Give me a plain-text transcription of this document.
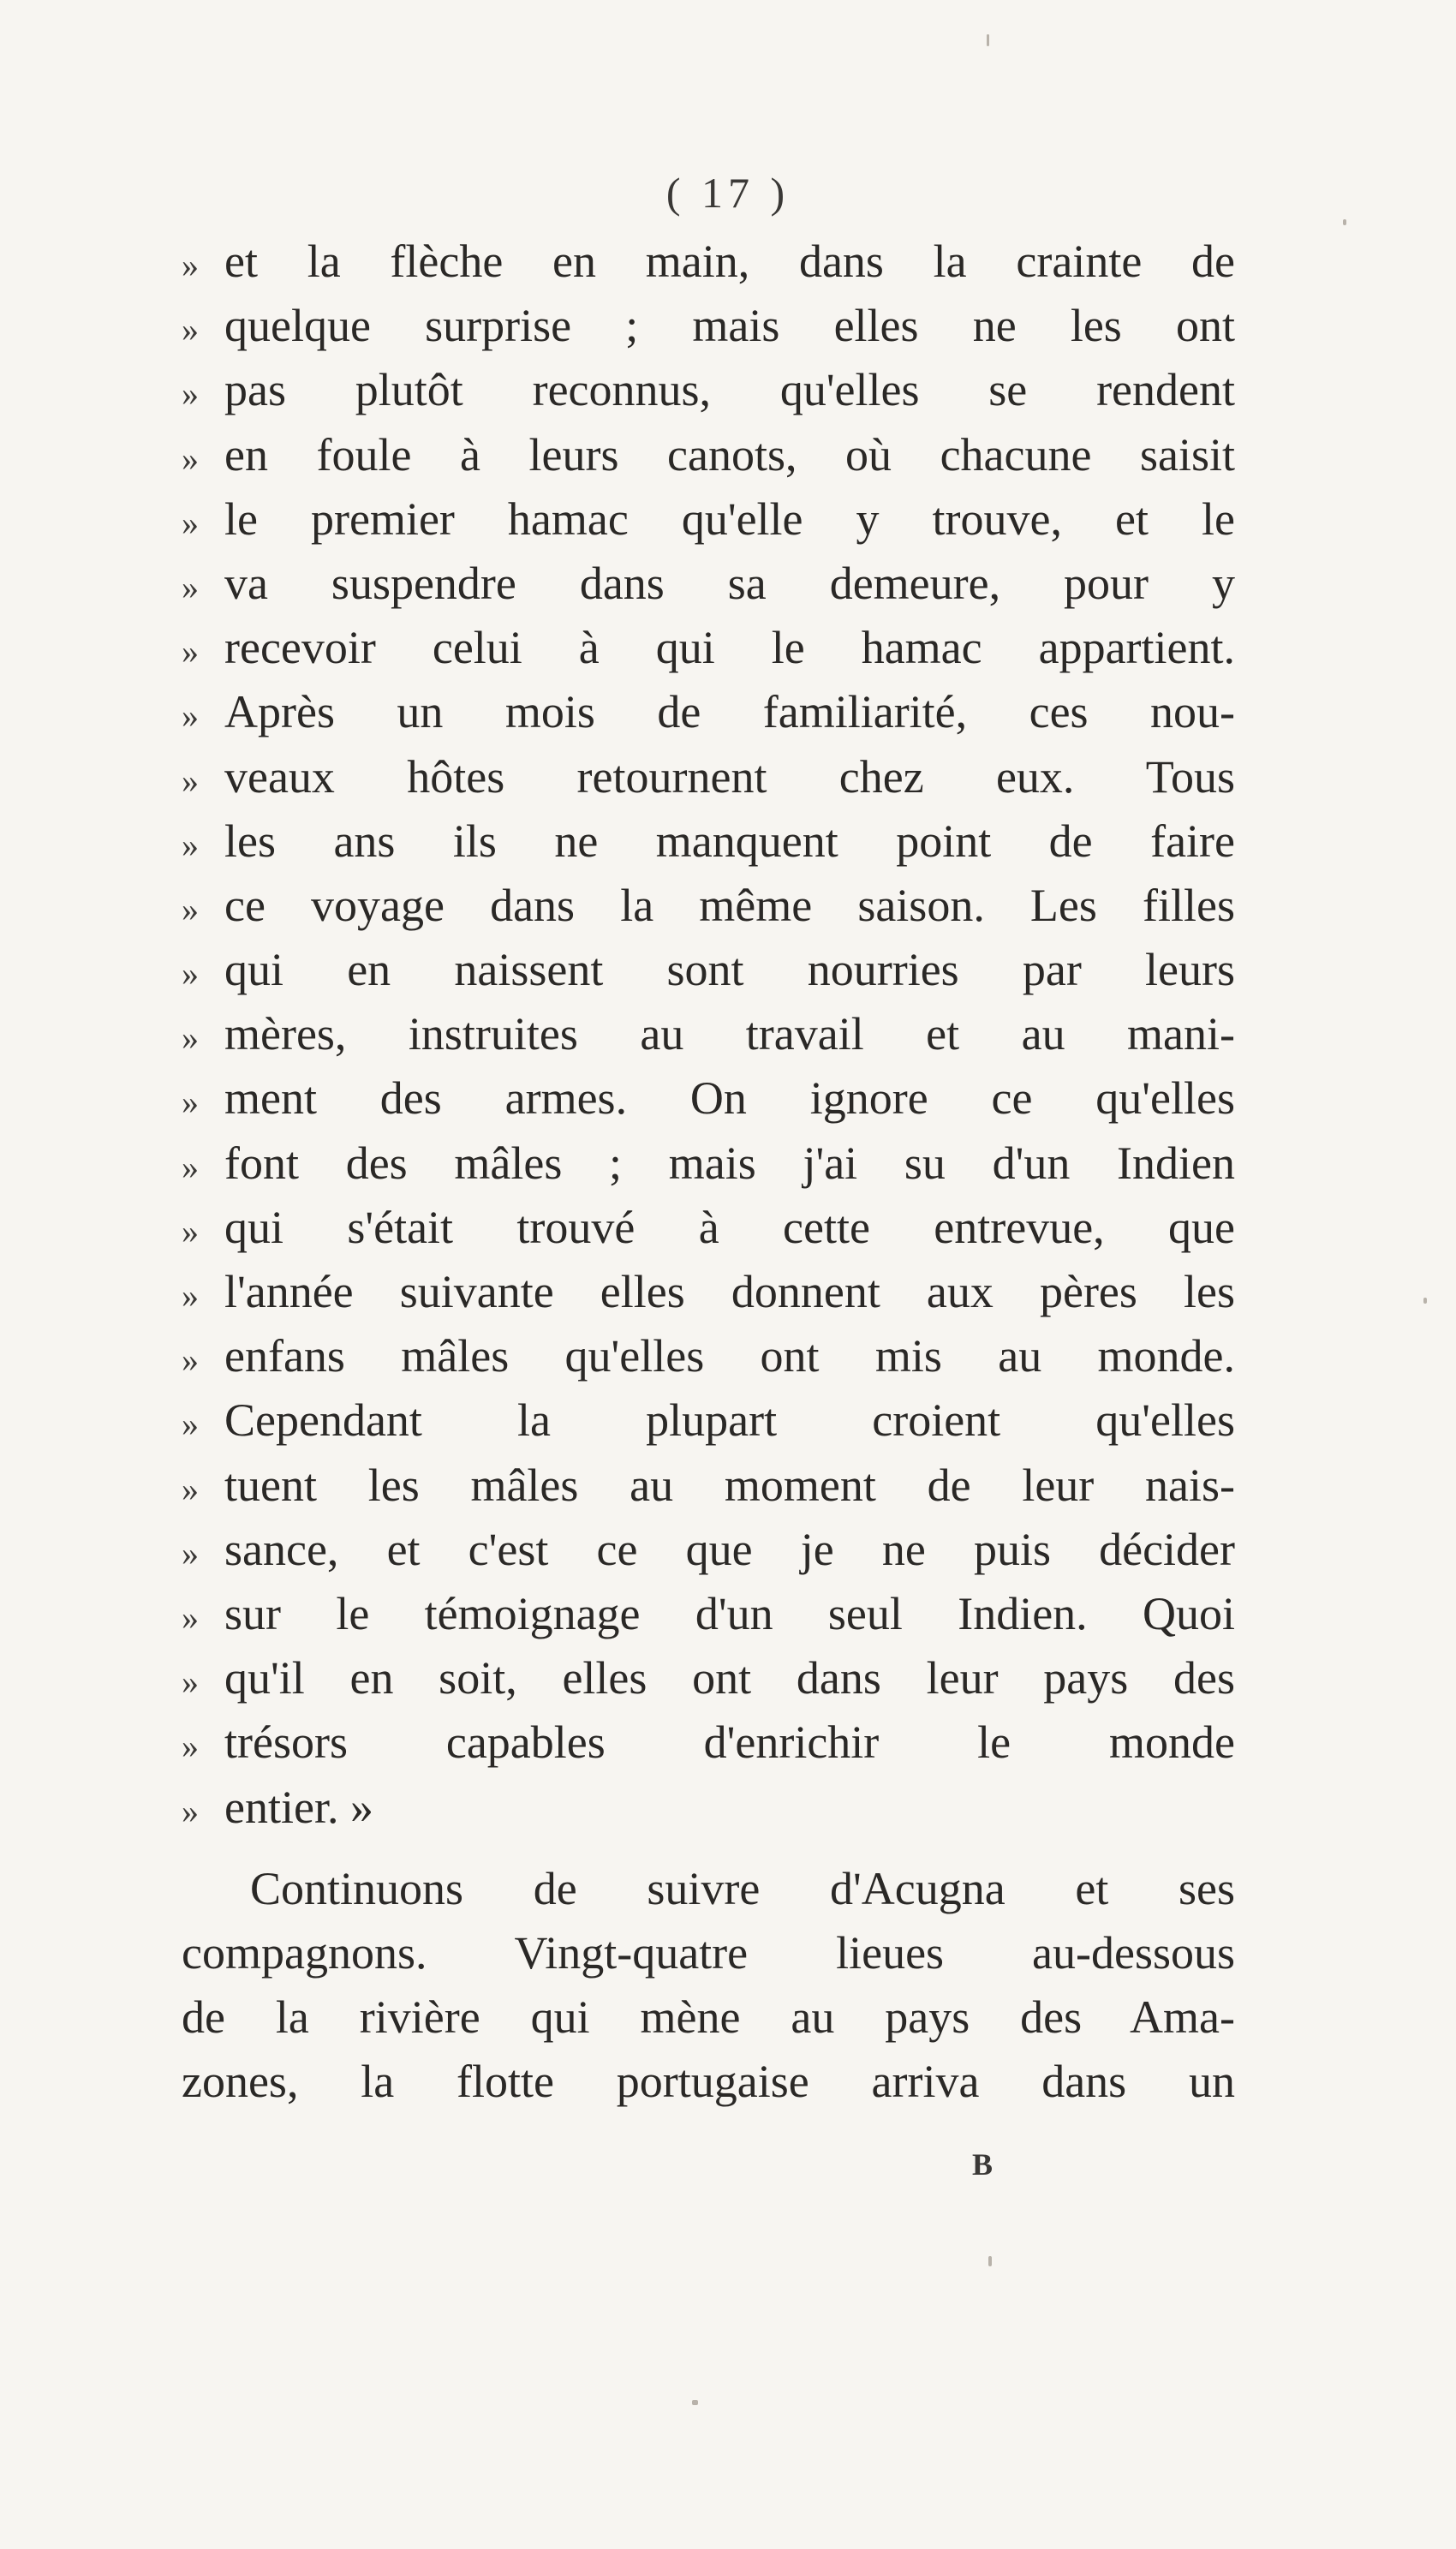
( 17 )
» et la flèche en main, dans la crainte de
» quelque surprise ; mais elles ne les ont
» pas plutôt reconnus, qu'elles se rendent
» en foule à leurs canots, où chacune saisit
» le premier hamac qu'elle y trouve, et le
» va suspendre dans sa demeure, pour y
» recevoir celui à qui le hamac appartient.
» Après un mois de familiarité, ces nou-
» veaux hôtes retournent chez eux. Tous
» les ans ils ne manquent point de faire
» ce voyage dans la même saison. Les filles
» qui en naissent sont nourries par leurs
» mères, instruites au travail et au mani-
» ment des armes. On ignore ce qu'elles
» font des mâles ; mais j'ai su d'un Indien
» qui s'était trouvé à cette entrevue, que
» l'année suivante elles donnent aux pères les
» enfans mâles qu'elles ont mis au monde.
» Cependant la plupart croient qu'elles
» tuent les mâles au moment de leur nais-
» sance, et c'est ce que je ne puis décider
» sur le témoignage d'un seul Indien. Quoi
» qu'il en soit, elles ont dans leur pays des
» trésors capables d'enrichir le monde
» entier. »
Continuons de suivre d'Acugna et ses
compagnons. Vingt-quatre lieues au-dessous
de la rivière qui mène au pays des Ama-
zones, la flotte portugaise arriva dans un
B
